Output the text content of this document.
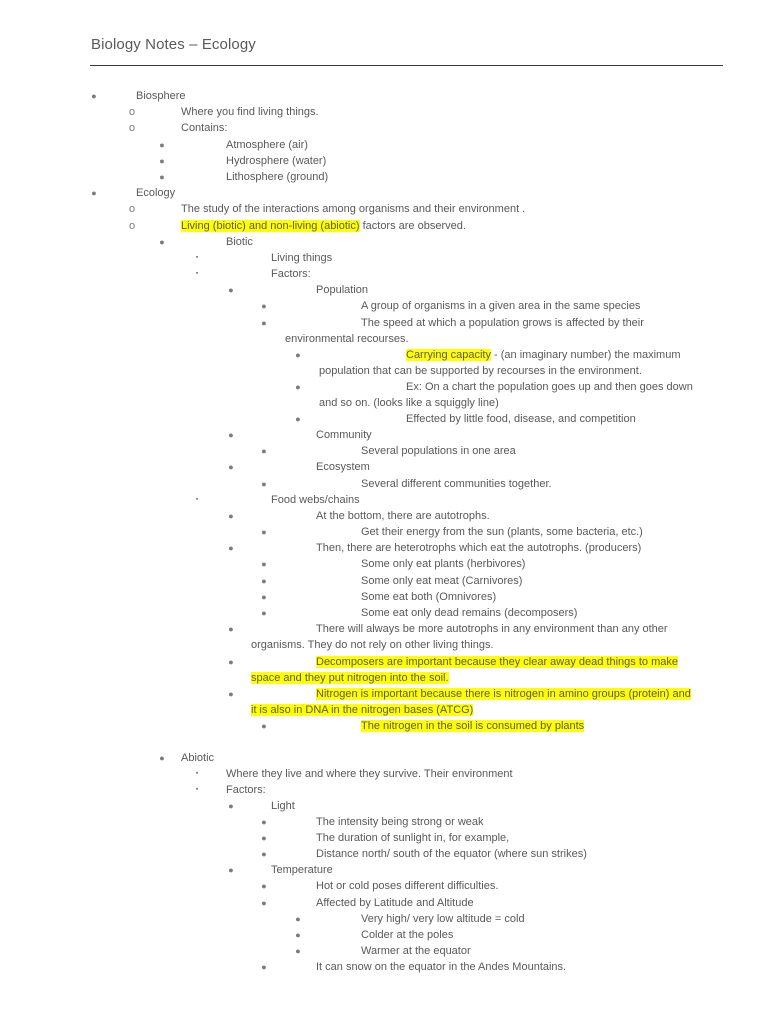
Biology Notes – Ecology
●	Biosphere
o	Where you find living things.
o	Contains:
●	Atmosphere (air)
●	Hydrosphere (water)
●	Lithosphere (ground)
●	Ecology
o	The study of the interactions among organisms and their environment .
o	Living (biotic) and non-living (abiotic) factors are observed.
●	Biotic
▪	Living things
▪	Factors:
●	Population
●	A group of organisms in a given area in the same species
●	The speed at which a population grows is affected by their
environmental recourses.
●	Carrying capacity - (an imaginary number) the maximum
population that can be supported by recourses in the environment.
●	Ex: On a chart the population goes up and then goes down
and so on. (looks like a squiggly line)
●	Effected by little food, disease, and competition
●	Community
●	Several populations in one area
●	Ecosystem
●	Several different communities together.
▪	Food webs/chains
●	At the bottom, there are autotrophs.
●	Get their energy from the sun (plants, some bacteria, etc.)
●	Then, there are heterotrophs which eat the autotrophs. (producers)
●	Some only eat plants (herbivores)
●	Some only eat meat (Carnivores)
●	Some eat both (Omnivores)
●	Some eat only dead remains (decomposers)
●	There will always be more autotrophs in any environment than any other
organisms. They do not rely on other living things.
●	Decomposers are important because they clear away dead things to make
space and they put nitrogen into the soil.
●	Nitrogen is important because there is nitrogen in amino groups (protein) and
it is also in DNA in the nitrogen bases (ATCG)
●	The nitrogen in the soil is consumed by plants
●	Abiotic
▪	Where they live and where they survive. Their environment
▪	Factors:
●	Light
●	The intensity being strong or weak
●	The duration of sunlight in, for example,
●	Distance north/ south of the equator (where sun strikes)
●	Temperature
●	Hot or cold poses different difficulties.
●	Affected by Latitude and Altitude
●	Very high/ very low altitude = cold
●	Colder at the poles
●	Warmer at the equator
●	It can snow on the equator in the Andes Mountains.
